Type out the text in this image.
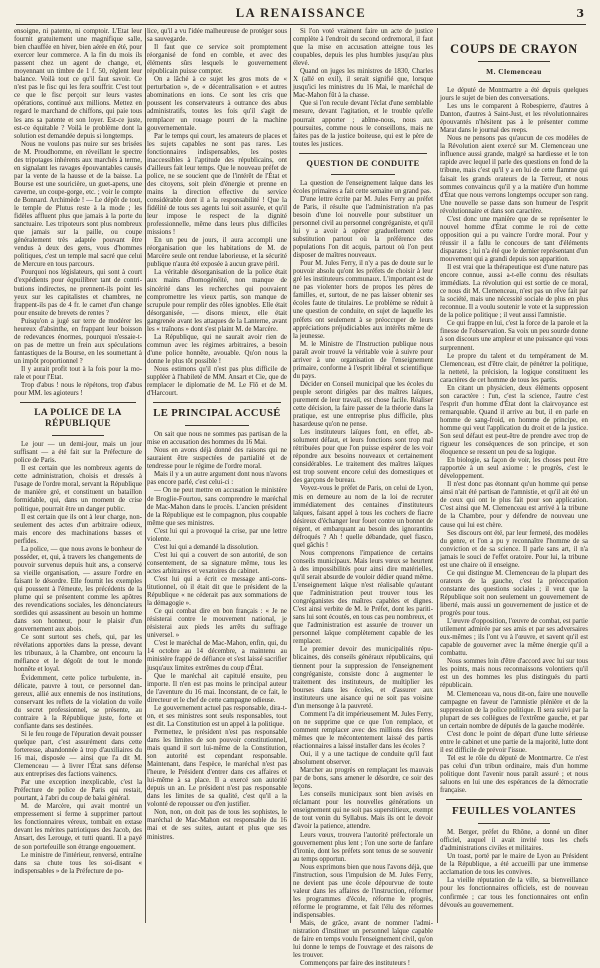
LA RENAISSANCE	3

ensoigne, ni patente, ni comptoir. L'Etat leur fournit gratuitement une magnifique salle, bien chauffée en hiver, bien aérée en été, pour exercer leur commerce. A la fin du mois ils passent chez un agent de change, et, moyennant un timbre de 1 f. 50, règlent leur balance. Voilà tout ce qu'il faut savoir. Ce n'est pas le fisc qui les fera souffrir. C'est tout ce que le fisc perçoit sur leurs vastes opérations, continué aux millions. Mettez en regard le marchand de chiffons, qui paie tous les ans sa patente et son loyer. Est-ce juste, est-ce équitable ? Voilà le problème dont la solution est demandée depuis si longtemps.

Nous ne voulons pas nuire sur ses brisées de M. Proudhomme, en réveillant le spectre des tripotages inhérents aux marchés à terme, en signalant les ravages épouvantables causés par la vente de la hausse et de la baisse. La Bourse est une souricière, un guet-apens, une caverne, un coupe-gorge, etc. ; voir le compte de Bonnard. Archimède ! — Le dépôt de tout, le temple de Plutus reste à la mode ; les fidèles affluent plus que jamais à la porte du sanctuaire. Les tripoteurs sont plus nombreux que jamais sur la paille, ou coupe généralement très adaptée pouvant être vendus à deux des gens, vous d'hommes politiques, c'est un temple mal sacré que celui de Mercure en tous parcours.

Pourquoi nos législateurs, qui sont à court d'expédients pour éqpuilibrer tant de contributions indirectes, ne prennent-ils point les yeux sur les capitalistes et chambres, ne frappent-ils pas de 4 fr. le carnet d'un change pour ensuite de brevets de rentes ?

Puisqu'on a jugé sur terre de modérer les heureux d'absinthe, en frappant leur boisson de redevances énormes, pourquoi n'essaie-t-on pas de mettre un frein aux spéculations fantastiques de la Bourse, en les soumettant à un impôt proportionnel ?

Il y aurait profit tout à la fois pour la morale et pour l'Etat.

Trop d'abus ! nous le répétons, trop d'abus pour MM. les agioteurs !

LA POLICE DE LA RÉPUBLIQUE

Le jour — un demi-jour, mais un jour suffisant — a été fait sur la Préfecture de police de Paris.

Il est certain que les nombreux agents de cette administration, choisis et dressés à l'usage de l'ordre moral, servant la République de manière gré, et constituent un bataillon formidable, qui, dans un moment de crise politique, pourrait être un danger public.

Il est certain que ils ont à leur charge, non-seulement des actes d'un arbitraire odieux, mais encore des machinations basses et perfides.

La police, — que nous avons le bonheur de posséder, et, qui, à travers les changements de pouvoir survenus depuis huit ans, a conservé sa vieille organisation, — assure l'ordre en faisant le désordre. Elle fournit les exemples qui poussent à l'émeute, les précédents de la plume qui se présentent comme les apôtres des revendications sociales, les dénonciateurs sordides qui assassinent au besoin un homme dans son honneur, pour le plaisir d'un gouvernement aux abois.

Ce sont surtout ses chefs, qui, par les révélations apportées dans la presse, devant les tribunaux, à la Chambre, ont encouru la méfiance et le dégoût de tout le monde honnête et loyal.

Évidemment, cette police turbulente, indélicate, pauvre à tout, ce personnel dangereux, allié aux ennemis de nos institutions, conservant les reflets de la violation du voile du secret professionnel, se présente, au contraire à la République juste, forte et confiante dans ses destinées.

Si le feu rouge de l'épuration devait pousser quelque part, c'est assurément dans cette forteresse, abandonnée à trop d'auxiliaires du 16 mai, disposée — ainsi que l'a dit M. Clemenceau — à livrer l'État sans défense aux entreprises des factions vainencs.

Par une exception inexplicable, c'est la Préfecture de police de Paris qui restait, pourtant, à l'abri du coup de balai général.

M. de Marcère, qui avait montré un empressement si ferme à supprimer partout les fonctionnaires véreux, tombait en extase devant les mérites patriotiques des Jacob, des Ansart, des Lerouge, et tutti quanti. Il a payé de son portefeuille son étrange engouement.

Le ministre de l'intérieur, renversé, entraîne dans sa chute tous les soi-disant « indispensables » de la Préfecture de po-

lice, qu'il a vu l'idée malheureuse de protéger sous sa sauvegarde.

Il faut que ce service soit promptement réorganisé de fond en comble, et avec des éléments sûrs lesquels le gouvernement républicain puisse compter.

On a lâché à ce sujet les gros mots de « perturbation », de « décentralisation » et autres abominations en ions. Ce sont les cris que poussent les conservateurs à outrance des abus administratifs, toutes les fois qu'il s'agit de remplacer un rouage pourri de la machine gouvernementale.

Par le temps qui court, les amateurs de places et les sujets capables ne sont pas rares. Les fonctionnaires indispensables, les postes inaccessibles à l'aptitude des républicains, ont d'ailleurs fait leur temps. Que le nouveau préfet de police, ne se soucient que de l'intérêt de l'État et des citoyens, soit plein d'énergie et prenne en mains la direction effective du service considérable dont il a la responsabilité ! Que la fidélité de tous ses agents lui soit assurée, et qu'il leur impose le respect de la dignité professionnelle, même dans leurs plus difficiles missions !

En un peu de jours, il aura accompli une réorganisation que les habitations de M. de Marcère seule ont rendue laborieuse, et la sécurité publique n'aura été exposée à aucun grave péril.

La véritable désorganisation de la police était aux mains d'homogénéité, non manque de sincérité dans les recherches qui pouvaient compromettre les vieux partis, son manque de scrupule pour remplir des rôles ignobles. Elle était désorganisée, — disons mieux, elle était gangrenée avant les attaques de la Lanterne, avant les « traînons » dont s'est plaint M. de Marcère.

La République, qui ne saurait avoir rien de commun avec les régimes arbitraires, a besoin d'une police honnête, avouable. Qu'on nous la donne le plus tôt possible !

Nous estimons qu'il n'est pas plus difficile de suppléer à l'habileté de MM. Ansart et Cie, que de remplacer le diplomatie de M. Le Flô et de M. d'Harcourt.

LE PRINCIPAL ACCUSÉ

On sait que nous ne sommes pas partisan de la mise en accusation des hommes du 16 Mai.

Nous en avons déjà donné des raisons qui ne sauraient être suspectées de partialité et de tendresse pour le régime de l'ordre moral.

Mais il y a un autre argument dont nous n'avons pas encore parlé, c'est celui-ci :

— On ne peut mettre en accusation le ministère de Broglie-Fourtou, sans comprendre le maréchal de Mac-Mahon dans le procès. L'ancien président de la République est le compagnon, plus coupable même que ses ministres.

C'est lui qui a provoqué la crise, par une lettre violente.

C'est lui qui a demandé la dissolution.

C'est lui qui a couvert de son autorité, de son consentement, de sa signature même, tous les actes arbitraires et vexatoires du cabinet.

C'est lui qui a écrit ce message anti-constitutionnel, où il était dit que le président de la République « ne céderait pas aux sommations de la démagogie ».

Ce qui combat dire en bon français : « Je ne résisterai contre le mouvement national, je résisterai aux pieds les arrêts du suffrage universel. »

C'est le maréchal de Mac-Mahon, enfin, qui, du 14 octobre au 14 décembre, a maintenu au ministère frappé de défiance et s'est laissé sacrifier jusqu'aux limites extrêmes du coup d'État.

Que le maréchal ait capitulé ensuite, peu importe. Il n'en est pas moins le principal auteur de l'aventure du 16 mai. Inconstant, de ce fait, le directeur et le chef de cette campagne odieuse.

Le gouvernement actuel pas responsable, dira-t-on, et ses ministres sont seuls responsables, tout est dit. La Constitution est un appel à la politique.

Permettez, le président n'est pas responsable dans les limites de son pouvoir constitutionnel, mais quand il sort lui-même de la Constitution, son autorité est cependant responsable. Maintenant, dans l'espèce, le maréchal n'est pas l'heure, le Président d'entrer dans ces affaires et lui-même à sa place. Il a exercé son autorité depuis un an. Le président n'est pas responsable dans les limites de sa qualité, c'est qu'il a la volonté de repousser ou d'en justifier.

Non, non, on doit pas de tous les sophistes, le maréchal de Mac-Mahon est responsable du 16 mai et de ses suites, autant et plus que ses ministres.

Si l'on voté vraiment faire un acte de justice complète à l'endroit du second ordremoral, il faut que la mise en accusation atteigne tous les coupables, depuis les plus humbles jusqu'au plus élevé.

Quand on juges les ministres de 1830, Charles X (allé en exil), il serait signifié que, lorsque jusqu'ici les ministres du 16 Mai, le maréchal de Mac-Mahon fût à la chasse.

Que si l'on recule devant l'éclat d'une semblable mesure, devant l'agitation, et le trouble qu'elle pourrait apporter ; abîme-nous, nous aux poursuites, comme nous le conseillons, mais ne faites pas de la justice boiteuse, qui est le père de toutes les justices.

QUESTION DE CONDUITE

La question de l'enseignement laïque dans les écoles primaires a fait cette semaine un grand pas.

D'une lettre écrite par M. Jules Ferry au préfet de Paris, il résulte que l'administration n'a pas besoin d'une loi nouvelle pour substituer un personnel civil au personnel congréganiste, et qu'il lui y a avoir à opérer graduellement cette substitution partout où la préférence des populations l'on dit acquis, partout où l'on peut disposer de maîtres nouveaux.

Pour M. Jules Ferry, il n'y a pas de doute sur le pouvoir absolu qu'ont les préfets de choisir à leur gré les instituteurs communaux. L'important est de ne pas violenter hors de propos les pères de familles, et, surtout, de ne pas laisser obtenir ses écoles faute de titulaires. Le problème se réduit à une question de conduite, en sujet de laquelle les préfets ont seulement à se préoccuper de leurs appréciations préjudiciables aux intérêts même de la jeunesse.

M. le Ministre de l'Instruction publique nous paraît avoir trouvé la véritable voie à suivre pour arriver à une organisation de l'enseignement primaire, conforme à l'esprit libéral et scientifique du pays.

Décider en Conseil municipal que les écoles du peuple seront dirigées par des maîtres laïques, purement de leur travail, est chose facile. Réaliser cette décision, la faire passer de la théorie dans la pratique, est une entreprise plus difficile, plus hasardeuse qu'on ne pense.

Les instituteurs laïques font, en effet, absolument défaut, et leurs fonctions sont trop mal rétribuées pour que l'on puisse espérer de les voir répondre aux besoins nouveaux et certainement considérables. Le traitement des maîtres laïques est trop souvent encore celui des domestiques et des garçons de bureau.

Voyez-vous le préfet de Paris, on celui de Lyon, mis en demeure au nom de la loi de recruter immédiatement des centaines d'instituteurs laïques, faisant appel à tous les cochers de fiacre désireux d'échanger leur fouet contre un bonnet de régent, et embarquant au besoin des ignorantins défroqués ? Ah ! quelle débandade, quel fiasco, quel gâchis !

Nous comprenons l'impatience de certains conseils municipaux. Mais leurs vœux se heurtent à des impossibilités pour ainsi dire matérielles, qu'il serait absurde de vouloir dédier quand même. L'enseignement laïque n'est réalisable qu'autant que l'administration peut trouver tous les congréganistes des maîtres capables et dignes. C'est ainsi verbite de M. le Préfet, dont les paritisans lui sont écoutés, en tous cas peu nombreux, et que l'administration est assurée de trouver un personnel laïque complètement capable de les remplacer.

Le premier devoir des municipalités républicaines, dès conseils généraux républicains, qui tiennent pour la suppression de l'enseignement congréganiste, consiste donc à augmenter le traitement des instituteurs, de multiplier les bourses dans les écoles, et d'assurer aux instituteurs une aisance qui ne soit pas voisine d'un mensonge à la pauvreté.

Comment l'a dit impérieusement M. Jules Ferry, on ne supprime que ce que l'on remplace, et comment remplacer avec des millions des frères mêmes que le mécontentement laissé des partis réactionnaires a laissé installer dans les écoles ?

Oui, il y a une tactique de conduite qu'il faut absolument observer.

Marcher au progrès en remplaçant les mauvais par de bons, sans amener le désordre, ce soir des leçons.

Les conseils municipaux sont bien avisés en réclamant pour les nouvelles générations un enseignement qui ne soit pas superstitieux, exempt de tout venin du Syllabus. Mais ils ont le devoir d'avoir la patience, attendre.

Leurs vœux, trouvera l'autorité préfectorale un gouvernement plus lent ; l'on une sorte de fanfare d'ironie, dont les préfets sont tenus de se souvenir au temps opportun.

Nous exprimons bien que nous l'avons déjà, que l'instruction, sous l'impulsion de M. Jules Ferry, ne devient pas une école dépourvue de toute valeur dans les affaires de l'instruction, réformer les programmes d'école, réforme le progrès, réforme le programme, et fait l'élu des réformes indispensables.

Mais, de grâce, avant de nommer l'administration d'instituer un personnel laïque capable de faire en temps voulu l'enseignement civil, qu'on lui donne le temps de l'ouvrage et des raisons de les trouver.

Commençons par faire des instituteurs !

COUPS DE CRAYON
M. Clemenceau

Le député de Montmartre a été depuis quelques jours le sujet de bien des conversations.

Les uns le comparent à Robespierre, d'autres à Danton, d'autres à Saint-Just, et les révolutionnaires épouvantés n'hésitent pas à le présenter comme Marat dans le journal des reeps.

Nous ne pensons pas qu'aucun de ces modèles de la Révolution aient exercé sur M. Clemenceau une influence aussi grande, malgré sa hardiesse et le ton rapide avec lequel il parle des questions en fond de la tribune, mais c'est qu'il y a en lui de cette flamme qui faisait les grands orateurs de la Terreur, et nous sommes convaincus qu'il y a la matière d'un homme d'État que nous verrons longtemps occuper son rang. Une nouvelle se passe dans son humeur de l'esprit révolutionnaire et dans son caractère.

C'est donc une manière que de se représenter le nouvel homme d'État comme le roi de cette opposition qui a pu vaincre l'ordre moral. Pour y réussir il a fallu le concours de tant d'éléments disparates ; lui n'a été que le dernier représentant d'un mouvement qui a grandi depuis son apparition.

Il est vrai que la thérapeutique est d'une nature pas encore connue, aussi a-t-elle connu des résultats immédiats. La révolution qui est sortie de ce moral, ce nous dit M. Clemenceau, n'est pas un rêve fait par la société, mais une nécessité sociale de plus en plus reconnue. Il a voulu soutenir le vote et la suppression de la police politique ; il veut aussi l'amnistie.

Ce qui frappe en lui, c'est la force de la parole et la finesse de l'observation. Sa voix un peu sourde donne à son discours une ampleur et une puissance qui vous surprennent.

Le propre du talent et du tempérament de M. Clemenceau, est d'être clair, de pénétrer la politique, la netteté, la précision, la logique constituent les caractères de cet homme de tous les partis.

En citant un physicien, deux éléments opposent son caractère : l'un, c'est la science, l'autre c'est l'esprit d'un homme d'État dont la clairvoyance est remarquable. Quand il arrive au but, il en parle en homme de sang-froid, en homme de principe, en homme qui veut l'application du droit et de la justice. Son seul défaut est peut-être de prendre avec trop de rigueur les conséquences de son principe, et son éloquence se ressent un peu de sa logique.

En biologie, sa façon de voir, les choses peut être rapportée à un seul axiome : le progrès, c'est le développement.

Il n'est donc pas étonnant qu'un homme qui pense ainsi n'ait été partisan de l'amnistie, et qu'il ait été un de ceux qui ont le plus fait pour son application. C'est ainsi que M. Clemenceau est arrivé à la tribune de la Chambre, pour y défendre de nouveau une cause qui lui est chère.

Ses discours ont été, par leur fermeté, des modèles du genre, et l'on a pu y reconnaître l'homme de sa conviction et de sa science. Il parle sans art, il n'a jamais le souci de l'effet oratoire. Pour lui, la tribune est une chaire où il enseigne.

Ce qui distingue M. Clemenceau de la plupart des orateurs de la gauche, c'est la préoccupation constante des questions sociales ; il veut que la République soit non seulement un gouvernement de liberté, mais aussi un gouvernement de justice et de progrès pour tous.

L'œuvre d'opposition, l'œuvre de combat, est partie utilement admirée par ses amis et par ses adversaires eux-mêmes ; ils l'ont vu à l'œuvre, et savent qu'il est capable de gouverner avec la même énergie qu'il a combattu.

Nous sommes loin d'être d'accord avec lui sur tous les points, mais nous reconnaissons volontiers qu'il est un des hommes les plus distingués du parti républicain.

M. Clemenceau va, nous dit-on, faire une nouvelle campagne en faveur de l'amnistie plénière et de la suppression de la police politique. Il sera suivi par la plupart de ses collègues de l'extrême gauche, et par un certain nombre de députés de la gauche modérée.

C'est donc le point de départ d'une lutte sérieuse entre le cabinet et une partie de la majorité, lutte dont il est difficile de prévoir l'issue.

Tel est le rôle du député de Montmartre. Ce n'est pas celui d'un tribun ordinaire, mais d'un homme politique dont l'avenir nous paraît assuré ; et nous saluons en lui une des espérances de la démocratie française.

FEUILLES VOLANTES

M. Berger, préfet du Rhône, a donné un dîner officiel, auquel il avait invité tous les chefs d'administrations civiles et militaires.

Un toast, porté par le maire de Lyon au Président de la République, a été accueilli par une immense acclamation de tous les convives.

La vieille réputation de la ville, sa bienveillance pour les fonctionnaires officiels, est de nouveau confirmée ; car tous les fonctionnaires ont enfin dévoués au gouvernement.
